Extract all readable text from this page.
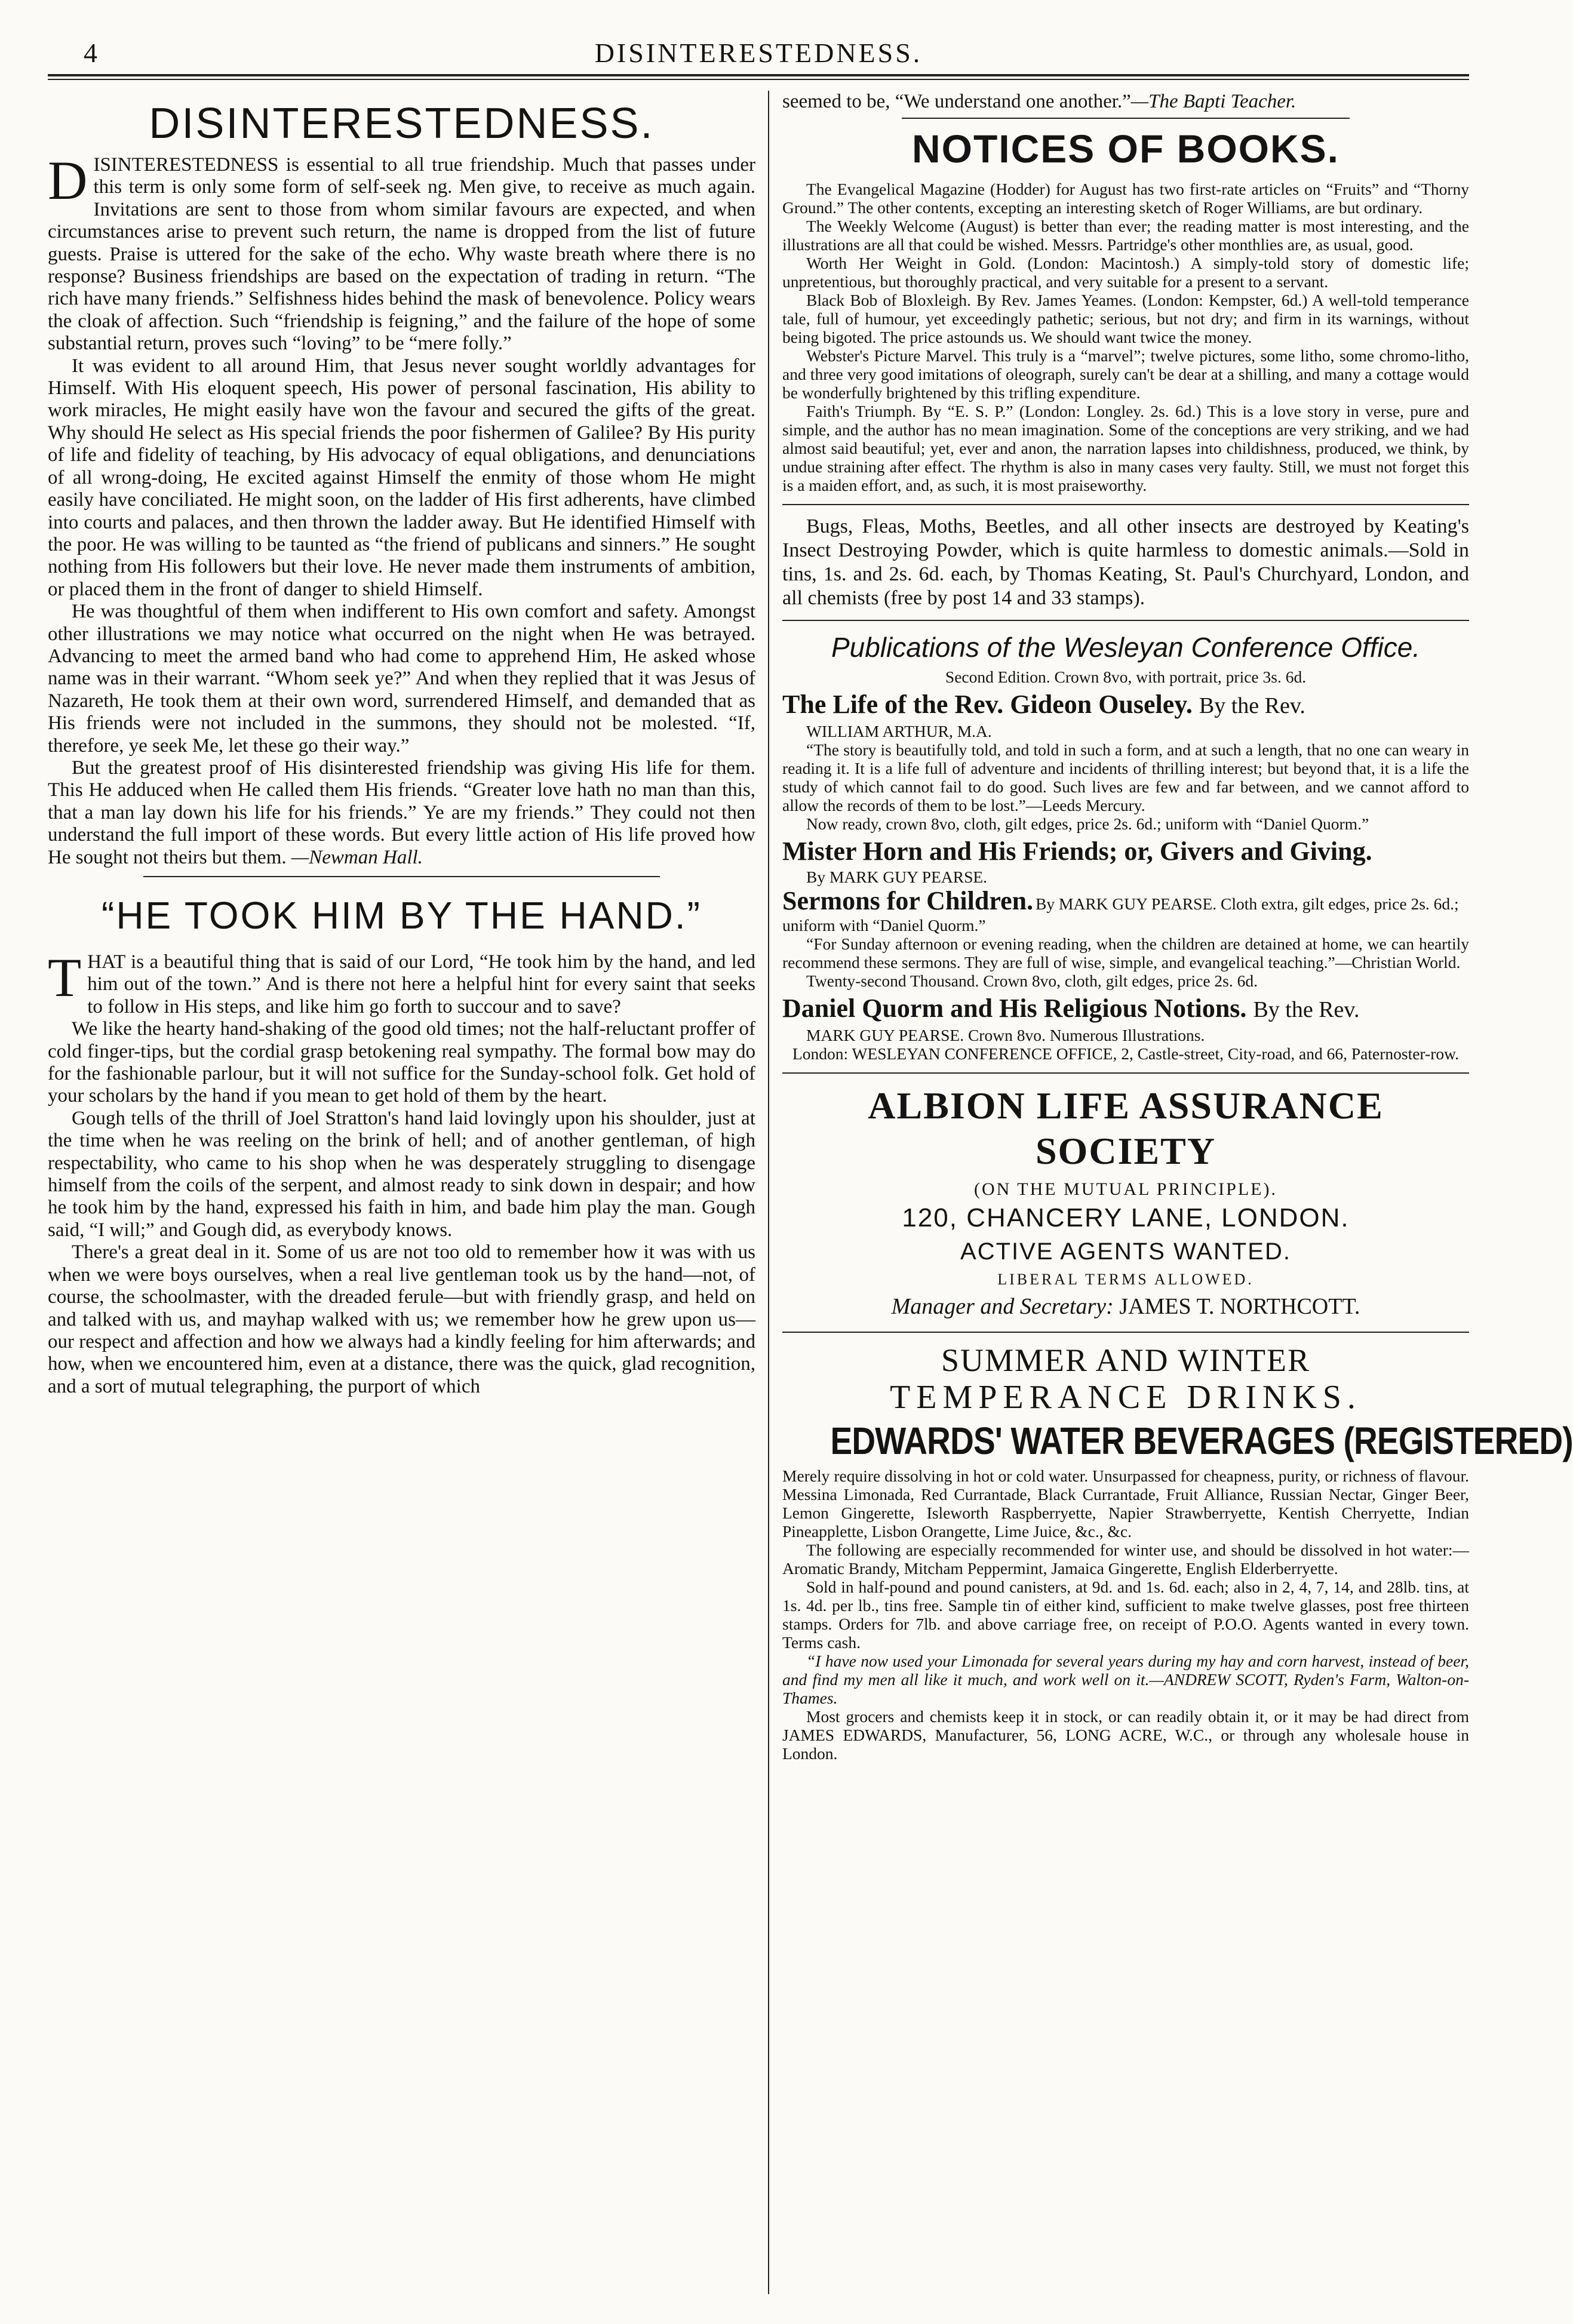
4	DISINTERESTEDNESS.
DISINTERESTEDNESS.

DISINTERESTEDNESS is essential to all true friendship. Much that passes under this term is only some form of self-seek ng. Men give, to receive as much again. Invitations are sent to those from whom similar favours are expected, and when circumstances arise to prevent such return, the name is dropped from the list of future guests. Praise is uttered for the sake of the echo. Why waste breath where there is no response? Business friendships are based on the expectation of trading in return. “The rich have many friends.” Selfishness hides behind the mask of benevolence. Policy wears the cloak of affection. Such “friendship is feigning,” and the failure of the hope of some substantial return, proves such “loving” to be “mere folly.”

It was evident to all around Him, that Jesus never sought worldly advantages for Himself. With His eloquent speech, His power of personal fascination, His ability to work miracles, He might easily have won the favour and secured the gifts of the great. Why should He select as His special friends the poor fishermen of Galilee? By His purity of life and fidelity of teaching, by His advocacy of equal obligations, and denunciations of all wrong-doing, He excited against Himself the enmity of those whom He might easily have conciliated. He might soon, on the ladder of His first adherents, have climbed into courts and palaces, and then thrown the ladder away. But He identified Himself with the poor. He was willing to be taunted as “the friend of publicans and sinners.” He sought nothing from His followers but their love. He never made them instruments of ambition, or placed them in the front of danger to shield Himself.

He was thoughtful of them when indifferent to His own comfort and safety. Amongst other illustrations we may notice what occurred on the night when He was betrayed. Advancing to meet the armed band who had come to apprehend Him, He asked whose name was in their warrant. “Whom seek ye?” And when they replied that it was Jesus of Nazareth, He took them at their own word, surrendered Himself, and demanded that as His friends were not included in the summons, they should not be molested. “If, therefore, ye seek Me, let these go their way.”

But the greatest proof of His disinterested friendship was giving His life for them. This He adduced when He called them His friends. “Greater love hath no man than this, that a man lay down his life for his friends.” Ye are my friends.” They could not then understand the full import of these words. But every little action of His life proved how He sought not theirs but them. —Newman Hall.

“HE TOOK HIM BY THE HAND.”

THAT is a beautiful thing that is said of our Lord, “He took him by the hand, and led him out of the town.” And is there not here a helpful hint for every saint that seeks to follow in His steps, and like him go forth to succour and to save?

We like the hearty hand-shaking of the good old times; not the half-reluctant proffer of cold finger-tips, but the cordial grasp betokening real sympathy. The formal bow may do for the fashionable parlour, but it will not suffice for the Sunday-school folk. Get hold of your scholars by the hand if you mean to get hold of them by the heart.

Gough tells of the thrill of Joel Stratton's hand laid lovingly upon his shoulder, just at the time when he was reeling on the brink of hell; and of another gentleman, of high respectability, who came to his shop when he was desperately struggling to disengage himself from the coils of the serpent, and almost ready to sink down in despair; and how he took him by the hand, expressed his faith in him, and bade him play the man. Gough said, “I will;” and Gough did, as everybody knows.

There's a great deal in it. Some of us are not too old to remember how it was with us when we were boys ourselves, when a real live gentleman took us by the hand—not, of course, the schoolmaster, with the dreaded ferule—but with friendly grasp, and held on and talked with us, and mayhap walked with us; we remember how he grew upon us—our respect and affection and how we always had a kindly feeling for him afterwards; and how, when we encountered him, even at a distance, there was the quick, glad recognition, and a sort of mutual telegraphing, the purport of which

seemed to be, “We understand one another.”—The Bapti Teacher.

NOTICES OF BOOKS.

The Evangelical Magazine (Hodder) for August has two first-rate articles on “Fruits” and “Thorny Ground.” The other contents, excepting an interesting sketch of Roger Williams, are but ordinary.

The Weekly Welcome (August) is better than ever; the reading matter is most interesting, and the illustrations are all that could be wished. Messrs. Partridge's other monthlies are, as usual, good.

Worth Her Weight in Gold. (London: Macintosh.) A simply-told story of domestic life; unpretentious, but thoroughly practical, and very suitable for a present to a servant.

Black Bob of Bloxleigh. By Rev. James Yeames. (London: Kempster, 6d.) A well-told temperance tale, full of humour, yet exceedingly pathetic; serious, but not dry; and firm in its warnings, without being bigoted. The price astounds us. We should want twice the money.

Webster's Picture Marvel. This truly is a “marvel”; twelve pictures, some litho, some chromo-litho, and three very good imitations of oleograph, surely can't be dear at a shilling, and many a cottage would be wonderfully brightened by this trifling expenditure.

Faith's Triumph. By “E. S. P.” (London: Longley. 2s. 6d.) This is a love story in verse, pure and simple, and the author has no mean imagination. Some of the conceptions are very striking, and we had almost said beautiful; yet, ever and anon, the narration lapses into childishness, produced, we think, by undue straining after effect. The rhythm is also in many cases very faulty. Still, we must not forget this is a maiden effort, and, as such, it is most praiseworthy.

Bugs, Fleas, Moths, Beetles, and all other insects are destroyed by Keating's Insect Destroying Powder, which is quite harmless to domestic animals.—Sold in tins, 1s. and 2s. 6d. each, by Thomas Keating, St. Paul's Churchyard, London, and all chemists (free by post 14 and 33 stamps).

Publications of the Wesleyan Conference Office.

Second Edition. Crown 8vo, with portrait, price 3s. 6d.

The Life of the Rev. Gideon Ouseley. By the Rev.

WILLIAM ARTHUR, M.A.

“The story is beautifully told, and told in such a form, and at such a length, that no one can weary in reading it. It is a life full of adventure and incidents of thrilling interest; but beyond that, it is a life the study of which cannot fail to do good. Such lives are few and far between, and we cannot afford to allow the records of them to be lost.”—Leeds Mercury.

Now ready, crown 8vo, cloth, gilt edges, price 2s. 6d.; uniform with “Daniel Quorm.”

Mister Horn and His Friends; or, Givers and Giving.

By MARK GUY PEARSE.

Sermons for Children. By MARK GUY PEARSE. Cloth extra, gilt edges, price 2s. 6d.; uniform with “Daniel Quorm.”

“For Sunday afternoon or evening reading, when the children are detained at home, we can heartily recommend these sermons. They are full of wise, simple, and evangelical teaching.”—Christian World.

Twenty-second Thousand. Crown 8vo, cloth, gilt edges, price 2s. 6d.

Daniel Quorm and His Religious Notions. By the Rev.

MARK GUY PEARSE. Crown 8vo. Numerous Illustrations.

London: WESLEYAN CONFERENCE OFFICE, 2, Castle-street, City-road, and 66, Paternoster-row.

ALBION LIFE ASSURANCE SOCIETY
(ON THE MUTUAL PRINCIPLE).
120, CHANCERY LANE, LONDON.
ACTIVE AGENTS WANTED.
LIBERAL TERMS ALLOWED.
Manager and Secretary: JAMES T. NORTHCOTT.
SUMMER AND WINTER
TEMPERANCE DRINKS.
EDWARDS' WATER BEVERAGES (REGISTERED)

Merely require dissolving in hot or cold water. Unsurpassed for cheapness, purity, or richness of flavour. Messina Limonada, Red Currantade, Black Currantade, Fruit Alliance, Russian Nectar, Ginger Beer, Lemon Gingerette, Isleworth Raspberryette, Napier Strawberryette, Kentish Cherryette, Indian Pineapplette, Lisbon Orangette, Lime Juice, &c., &c.

The following are especially recommended for winter use, and should be dissolved in hot water:—Aromatic Brandy, Mitcham Peppermint, Jamaica Gingerette, English Elderberryette.

Sold in half-pound and pound canisters, at 9d. and 1s. 6d. each; also in 2, 4, 7, 14, and 28lb. tins, at 1s. 4d. per lb., tins free. Sample tin of either kind, sufficient to make twelve glasses, post free thirteen stamps. Orders for 7lb. and above carriage free, on receipt of P.O.O. Agents wanted in every town. Terms cash.

“I have now used your Limonada for several years during my hay and corn harvest, instead of beer, and find my men all like it much, and work well on it.—ANDREW SCOTT, Ryden's Farm, Walton-on-Thames.

Most grocers and chemists keep it in stock, or can readily obtain it, or it may be had direct from JAMES EDWARDS, Manufacturer, 56, LONG ACRE, W.C., or through any wholesale house in London.
